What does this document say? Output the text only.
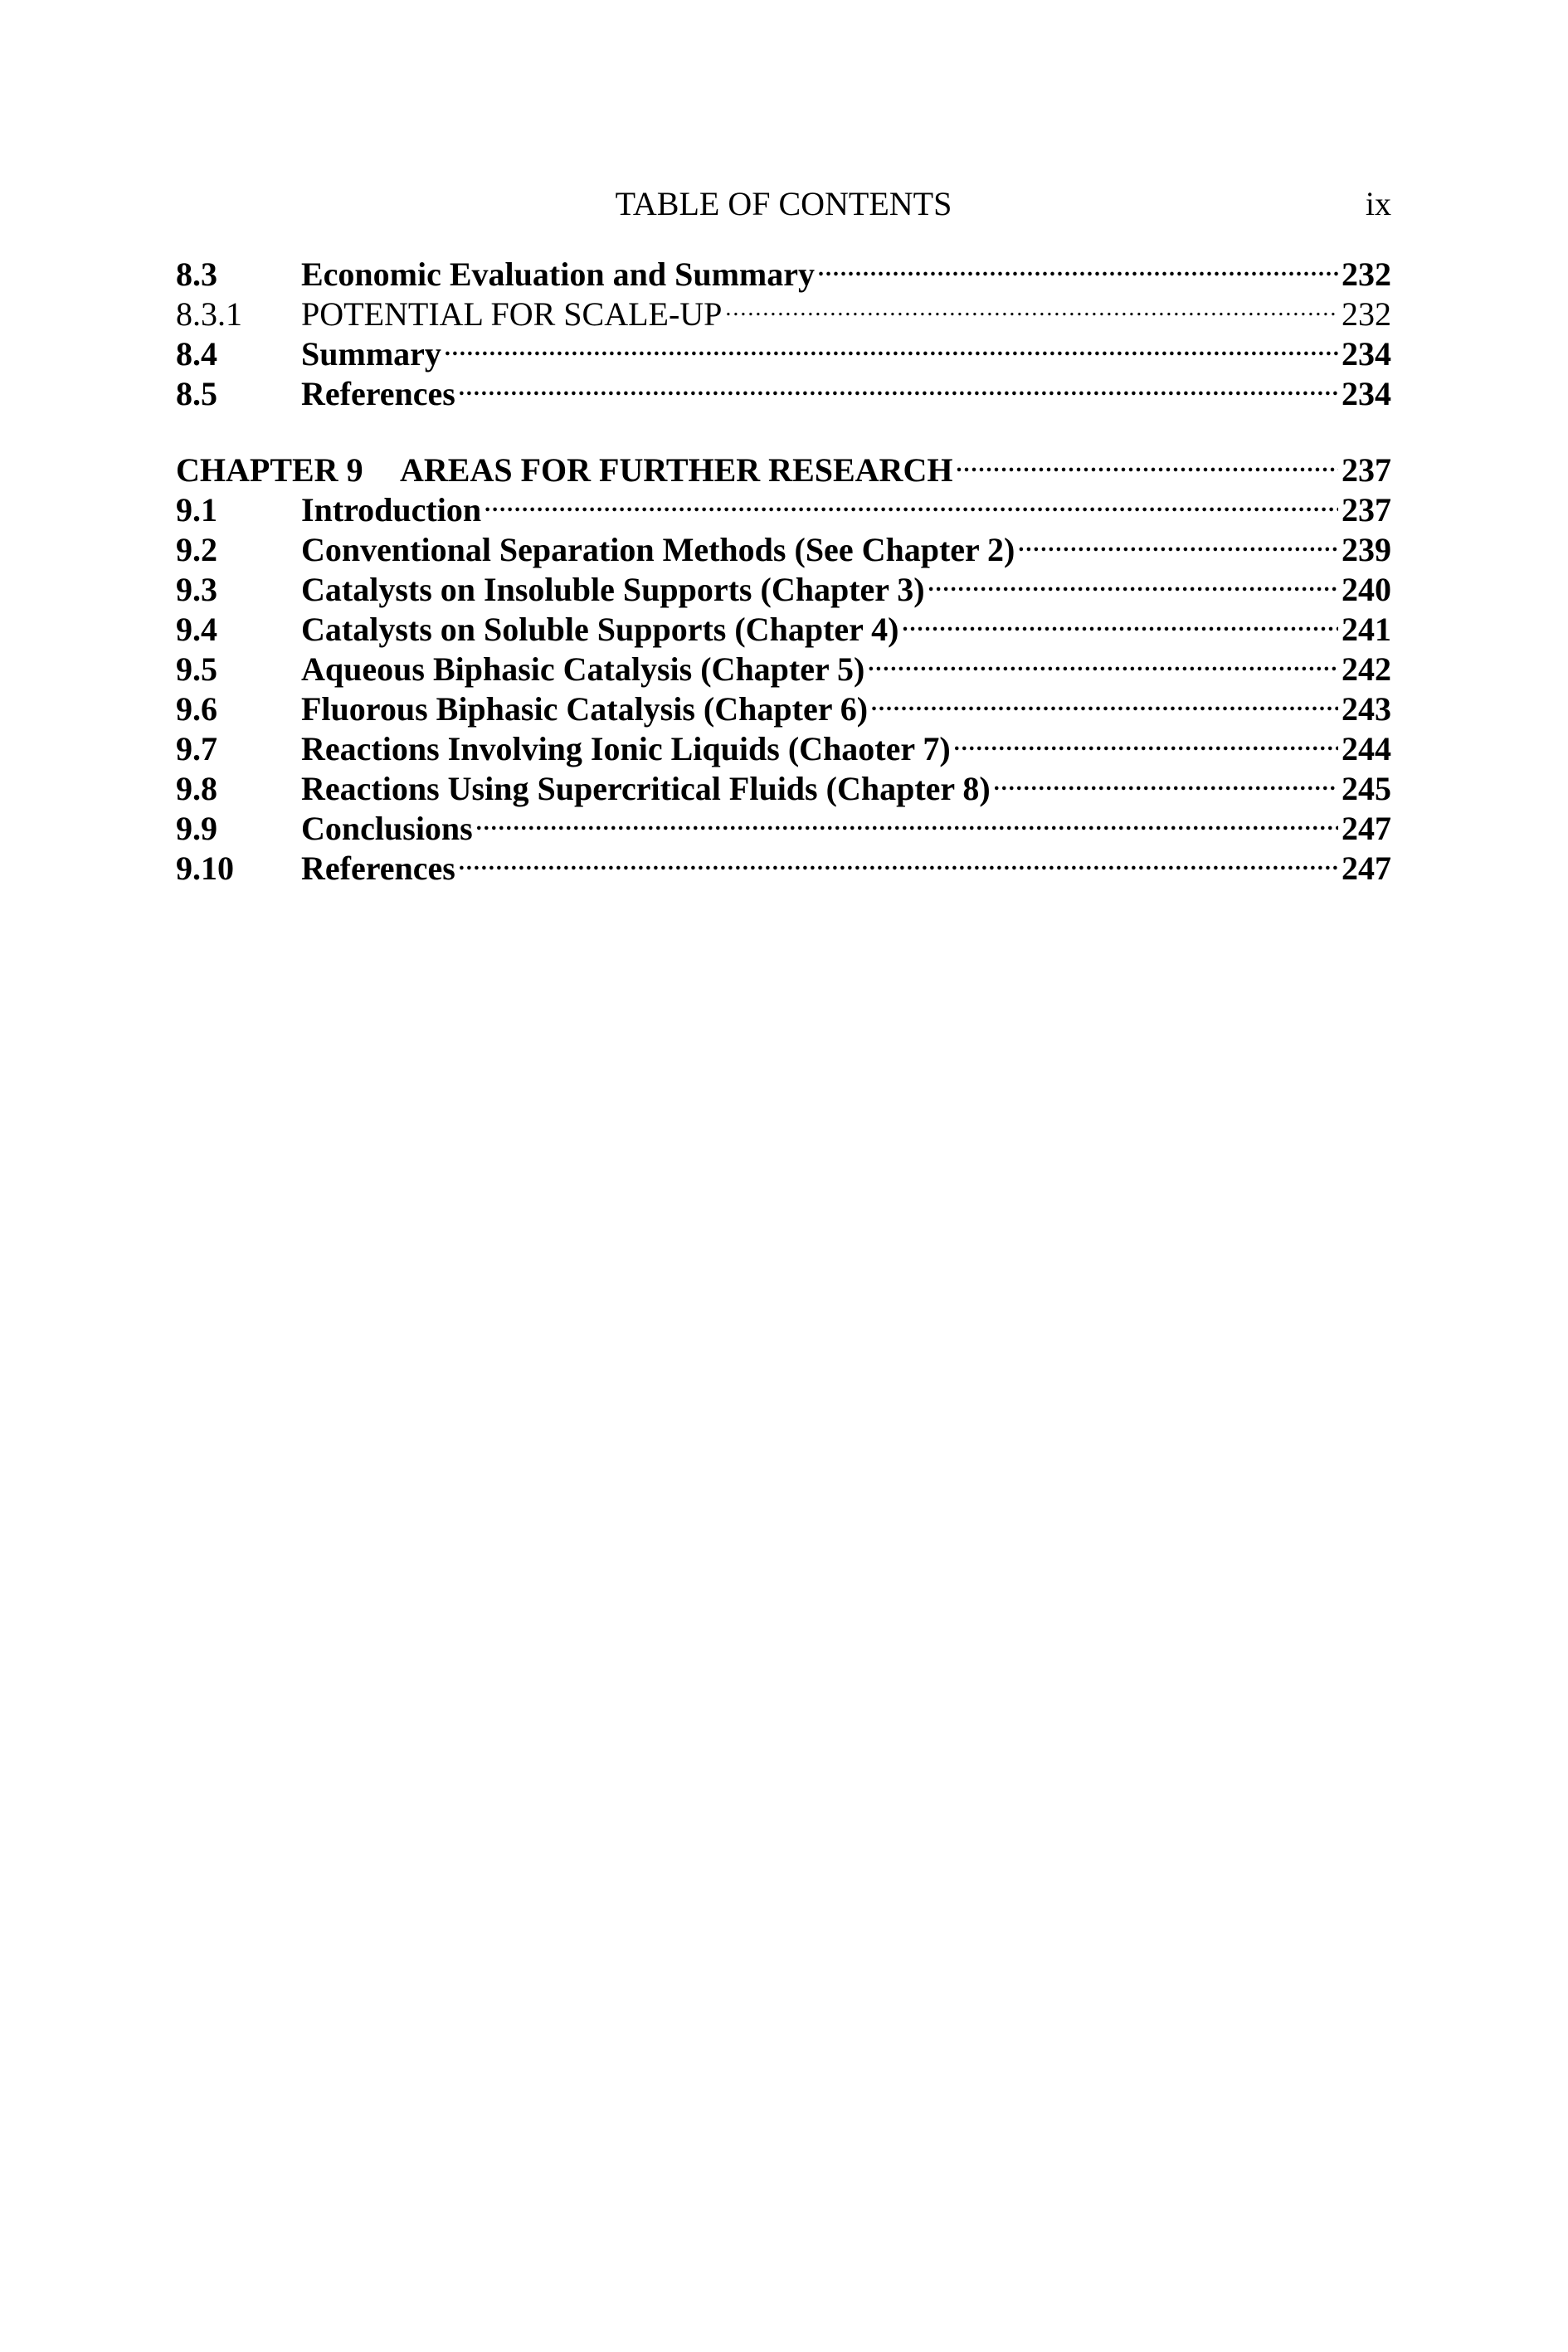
TABLE OF CONTENTS	ix
8.3	Economic Evaluation and Summary .....	232
8.3.1	POTENTIAL FOR SCALE-UP .....	232
8.4	Summary .....	234
8.5	References .....	234
CHAPTER 9	AREAS FOR FURTHER RESEARCH .....	237
9.1	Introduction .....	237
9.2	Conventional Separation Methods (See Chapter 2) .....	239
9.3	Catalysts on Insoluble Supports (Chapter 3) .....	240
9.4	Catalysts on Soluble Supports (Chapter 4) .....	241
9.5	Aqueous Biphasic Catalysis (Chapter 5) .....	242
9.6	Fluorous Biphasic Catalysis (Chapter 6) .....	243
9.7	Reactions Involving Ionic Liquids (Chaoter 7) .....	244
9.8	Reactions Using Supercritical Fluids (Chapter 8) .....	245
9.9	Conclusions .....	247
9.10	References .....	247
